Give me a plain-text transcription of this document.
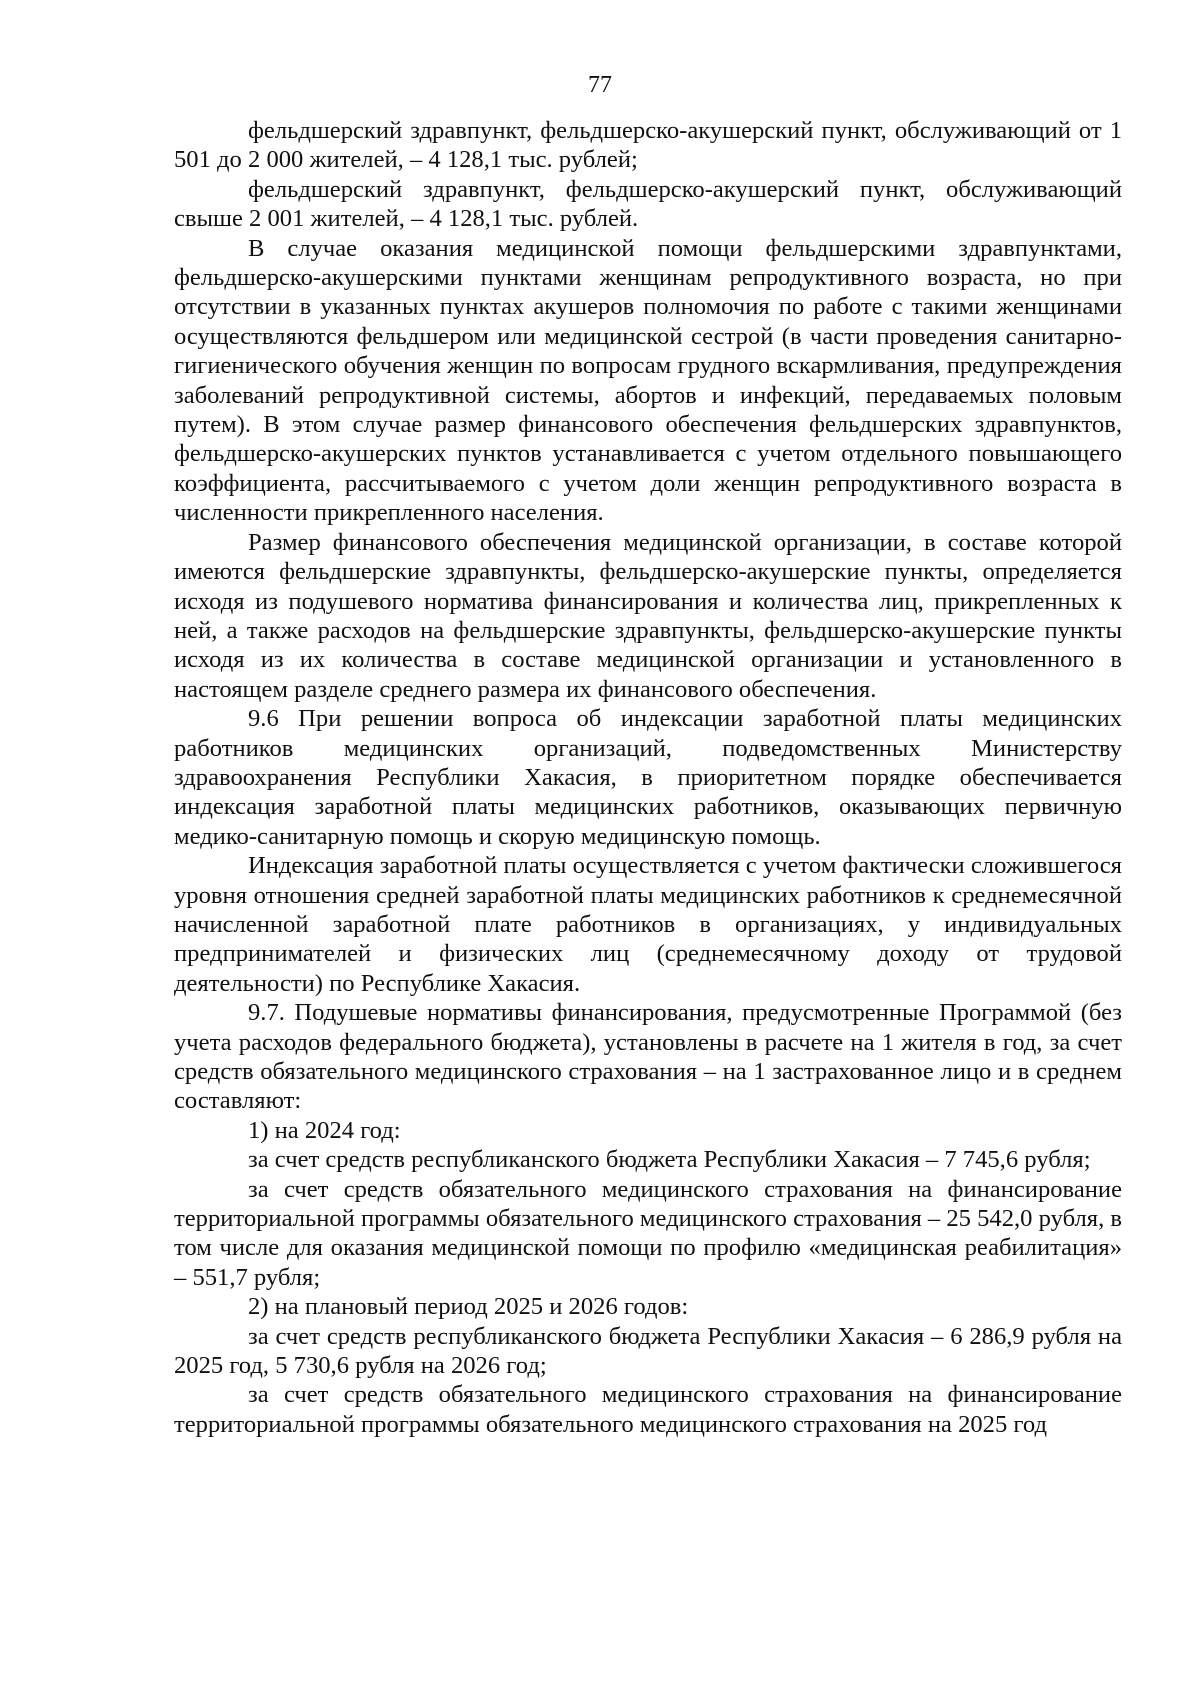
77

фельдшерский здравпункт, фельдшерско-акушерский пункт, обслуживающий от 1 501 до 2 000 жителей, – 4 128,1 тыс. рублей;

фельдшерский здравпункт, фельдшерско-акушерский пункт, обслуживающий свыше 2 001 жителей, – 4 128,1 тыс. рублей.

В случае оказания медицинской помощи фельдшерскими здравпунктами, фельдшерско-акушерскими пунктами женщинам репродуктивного возраста, но при отсутствии в указанных пунктах акушеров полномочия по работе с такими женщинами осуществляются фельдшером или медицинской сестрой (в части проведения санитарно-гигиенического обучения женщин по вопросам грудного вскармливания, предупреждения заболеваний репродуктивной системы, абортов и инфекций, передаваемых половым путем). В этом случае размер финансового обеспечения фельдшерских здравпунктов, фельдшерско-акушерских пунктов устанавливается с учетом отдельного повышающего коэффициента, рассчитываемого с учетом доли женщин репродуктивного возраста в численности прикрепленного населения.

Размер финансового обеспечения медицинской организации, в составе которой имеются фельдшерские здравпункты, фельдшерско-акушерские пункты, определяется исходя из подушевого норматива финансирования и количества лиц, прикрепленных к ней, а также расходов на фельдшерские здравпункты, фельдшерско-акушерские пункты исходя из их количества в составе медицинской организации и установленного в настоящем разделе среднего размера их финансового обеспечения.

9.6 При решении вопроса об индексации заработной платы медицинских работников медицинских организаций, подведомственных Министерству здравоохранения Республики Хакасия, в приоритетном порядке обеспечивается индексация заработной платы медицинских работников, оказывающих первичную медико-санитарную помощь и скорую медицинскую помощь.

Индексация заработной платы осуществляется с учетом фактически сложившегося уровня отношения средней заработной платы медицинских работников к среднемесячной начисленной заработной плате работников в организациях, у индивидуальных предпринимателей и физических лиц (среднемесячному доходу от трудовой деятельности) по Республике Хакасия.

9.7. Подушевые нормативы финансирования, предусмотренные Программой (без учета расходов федерального бюджета), установлены в расчете на 1 жителя в год, за счет средств обязательного медицинского страхования – на 1 застрахованное лицо и в среднем составляют:

1) на 2024 год:

за счет средств республиканского бюджета Республики Хакасия – 7 745,6 рубля;

за счет средств обязательного медицинского страхования на финансирование территориальной программы обязательного медицинского страхования – 25 542,0 рубля, в том числе для оказания медицинской помощи по профилю «медицинская реабилитация» – 551,7 рубля;

2) на плановый период 2025 и 2026 годов:

за счет средств республиканского бюджета Республики Хакасия – 6 286,9 рубля на 2025 год, 5 730,6 рубля на 2026 год;

за счет средств обязательного медицинского страхования на финансирование территориальной программы обязательного медицинского страхования на 2025 год
